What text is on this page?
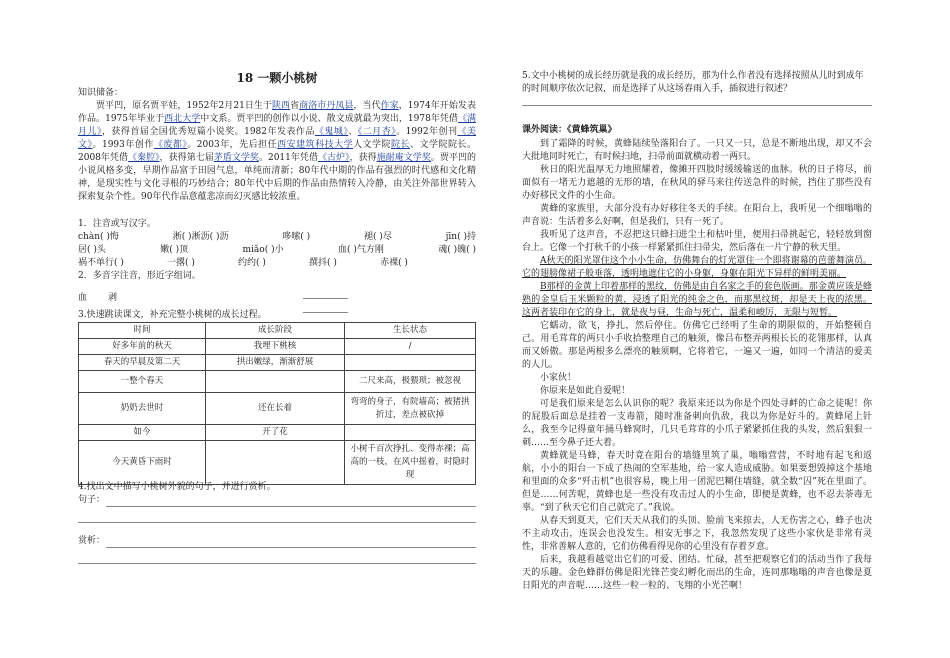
18 一颗小桃树
知识储备：

贾平凹，原名贾平娃，1952年2月21日生于陕西省商洛市丹凤县，当代作家，1974年开始发表作品。1975年毕业于西北大学中文系。贾平凹的创作以小说、散文成就最为突出，1978年凭借《满月儿》，获得首届全国优秀短篇小说奖。1982年发表作品《鬼城》、《二月杏》。1992年创刊《美文》。1993年创作《废都》。2003年，先后担任西安建筑科技大学人文学院院长、文学院院长。2008年凭借《秦腔》，获得第七届茅盾文学奖。2011年凭借《古炉》，获得施耐庵文学奖。贾平凹的小说风格多变，早期作品富于田园气息，单纯而清新；80年代中期的作品有强烈的时代感和文化精神，是现实性与文化寻根的巧妙结合；80年代中后期的作品由热情转入冷静，由关注外部世界转入探索复杂个性。90年代作品意蕴悲凉而幻灭感比较浓重。

1．注音或写汉字。
chàn( )悔	淅( )淅沥( )沥	哆嗦( )	褪( )尽	jīn( )持
居( )头	嫩( )顶	miǎo( )小	血( )气方刚	魂( )魄( )
祸不单行( )	一撂( )	约约( )	撰抖( )	赤裸( )
2．多音字注音，形近字组词。
血 剥
3.快速跳读课文，补充完整小桃树的成长过程。
时间	成长阶段	生长状态
好多年前的秋天	我埋下桃核	/
春天的早晨及第二天	拱出嫩绿，渐渐舒展	
一整个春天		二尺来高，极猥琐；被忽视
奶奶去世时	还在长着	弯弯的身子，有院墙高；被猪拱折过，差点被砍掉
如今	开了花	
今天黄昏下雨时		小树千百次挣扎、变得赤裸；高高的一枝，在风中摇着，时隐时现
4.找出文中描写小桃树外貌的句子，并进行赏析。
句子：
赏析：

5.文中小桃树的成长经历就是我的成长经历，那为什么作者没有选择按照从儿时到成年的时间顺序依次记叙，而是选择了从这场春雨入手，插叙进行叙述？

课外阅读：《黄蜂筑巢》

到了霜降的时候，黄蜂陆续坠落阳台了。一只又一只，总是不断地出现，却又不会大批地同时死亡，有时候扫地，扫帚前面就横动着一两只。

秋日的阳光温厚无力地照耀着，像摊开四肢时缓缓输送的血脉。秋的日子将尽，前面似有一堵无力遮越的无形的墙，在秋风的驿马来往传送急件的时候，挡住了那些没有办好移民文件的小生命。

黄蜂的家族里，大部分没有办好移往冬天的手续。在阳台上，我听见一个细嗡嗡的声音说：生活着多么好啊，但是我们，只有一死了。

我听见了这声音，不忍把这只蜂扫进尘土和枯叶里，便用扫帚挑起它，轻轻放到窗台上。它像一个打秋千的小孩一样紧紧抓住扫帚尖，然后落在一片宁静的秋天里。

A秋天的阳光罩住这个小小生命，仿佛舞台的灯光罩住一个即将谢幕的芭蕾舞演员。它的翅膀像裙子般垂落，透明地遮住它的小身躯，身躯在阳光下异样的鲜明美丽。

B那样的金黄上印着那样的黑纹，仿佛是由自名家之手的套色版画。那金黄应该是蜂熟的金皇后玉米颗粒的黄，浸透了阳光的纯金之色，而那黑纹斑，却是天上夜的浓黑。这两者装印在它的身上，就是夜与昼，生命与死亡，温柔和峻厉，无限与短暂。

它蠕动，欲飞，挣扎，然后停住。仿佛它已经明了生命的期限似的，开始整顿自己。用毛茸茸的两只小手收拾整理自己的触须，像吕布整弄两根长长的花翎那样，认真而又娇傲。那是两根多么漂亮的触须啊，它将着它，一遍又一遍，如同一个清洁的爱美的人儿。

小家伙！

你原来是如此自爱呢！

可是我们原来是怎么认识你的呢？我原来还以为你是个四处寻衅的亡命之徒呢！你的屁股后面总是挂着一支毒箭，随时准备刺向仇敌，我以为你是好斗的。黄蜂尾上针么，我至今记得童年捅马蜂窝时，几只毛茸茸的小爪子紧紧抓住我的头发，然后狠狠一刺……至今鼻子还大着。

黄蜂就是马蜂，春天时竟在阳台的墙缝里筑了巢，嗡嗡营营，不时地有起飞和返航，小小的阳台一下成了热闹的空军基地，给一家人造成威胁。如果要想毁掉这个基地和里面的众多“歼击机”也很容易，晚上用一团泥巴糊住墙缝，就全数“囚”死在里面了。但是……何苦呢，黄蜂也是一些没有攻击过人的小生命，即便是黄蜂，也不忍去荼毒无辜。“到了秋天它们自己就完了。”我说。

从春天到夏天，它们天天从我们的头顶、脸前飞来掠去，人无伤害之心，蜂子也决不主动攻击，连误会也没发生。相安无事之下，我忽然发现了这些小家伙是非常有灵性，非常善解人意的，它们仿佛看得见你的心里没有存着歹意。

后来，我越看越觉出它们的可爱、团结、忙碌，甚至把观察它们的活动当作了我每天的乐趣。金色蜂群仿佛是阳光锋芒变幻孵化而出的生命，连同那嗡嗡的声音也像是夏日阳光的声音呢……这些一粒一粒的、飞翔的小光芒啊！
